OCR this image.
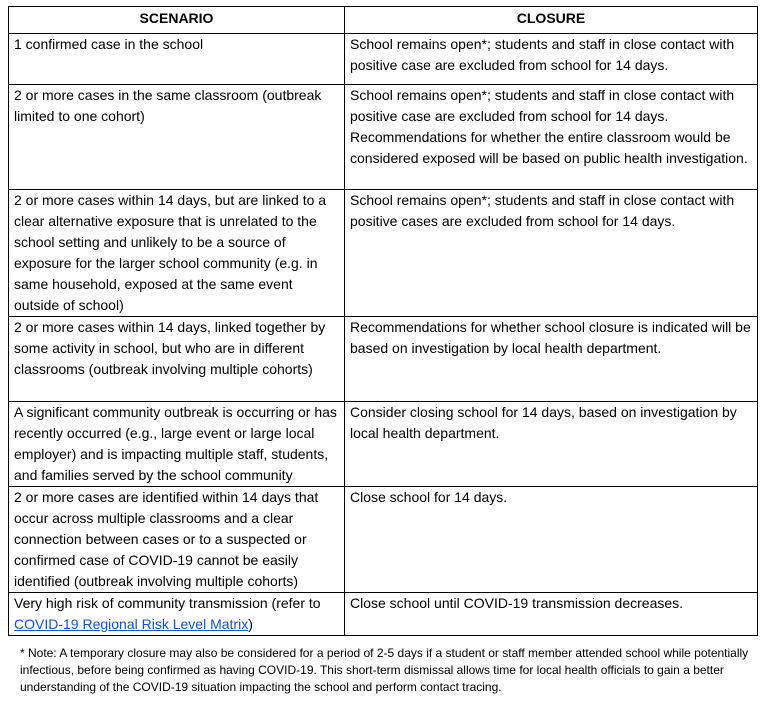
SCENARIO	CLOSURE

1 confirmed case in the school	School remains open*; students and staff in close contact with positive case are excluded from school for 14 days.

2 or more cases in the same classroom (outbreak limited to one cohort)	School remains open*; students and staff in close contact with positive case are excluded from school for 14 days. Recommendations for whether the entire classroom would be considered exposed will be based on public health investigation.

2 or more cases within 14 days, but are linked to a clear alternative exposure that is unrelated to the school setting and unlikely to be a source of exposure for the larger school community (e.g. in same household, exposed at the same event outside of school)	School remains open*; students and staff in close contact with positive cases are excluded from school for 14 days.

2 or more cases within 14 days, linked together by some activity in school, but who are in different classrooms (outbreak involving multiple cohorts)	Recommendations for whether school closure is indicated will be based on investigation by local health department.

A significant community outbreak is occurring or has recently occurred (e.g., large event or large local employer) and is impacting multiple staff, students, and families served by the school community	Consider closing school for 14 days, based on investigation by local health department.

2 or more cases are identified within 14 days that occur across multiple classrooms and a clear connection between cases or to a suspected or confirmed case of COVID-19 cannot be easily identified (outbreak involving multiple cohorts)	Close school for 14 days.

Very high risk of community transmission (refer to COVID-19 Regional Risk Level Matrix)	Close school until COVID-19 transmission decreases.
* Note: A temporary closure may also be considered for a period of 2-5 days if a student or staff member attended school while potentially infectious, before being confirmed as having COVID-19. This short-term dismissal allows time for local health officials to gain a better understanding of the COVID-19 situation impacting the school and perform contact tracing.
